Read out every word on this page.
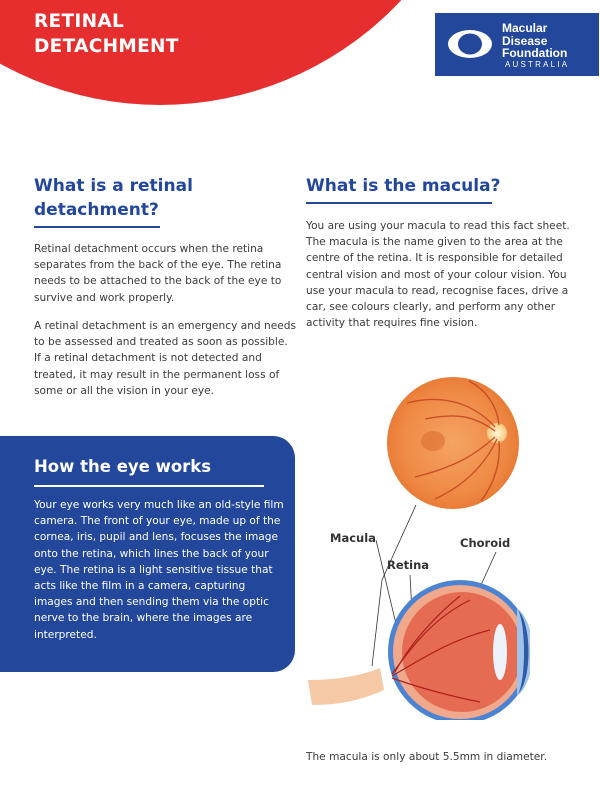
RETINAL
DETACHMENT
Macular
Disease
Foundation
AUSTRALIA
What is a retinal
detachment?

Retinal detachment occurs when the retina separates from the back of the eye. The retina needs to be attached to the back of the eye to survive and work properly.

A retinal detachment is an emergency and needs to be assessed and treated as soon as possible. If a retinal detachment is not detected and treated, it may result in the permanent loss of some or all the vision in your eye.

What is the macula?

You are using your macula to read this fact sheet. The macula is the name given to the area at the centre of the retina. It is responsible for detailed central vision and most of your colour vision. You use your macula to read, recognise faces, drive a car, see colours clearly, and perform any other activity that requires fine vision.

How the eye works

Your eye works very much like an old-style film camera. The front of your eye, made up of the cornea, iris, pupil and lens, focuses the image onto the retina, which lines the back of your eye. The retina is a light sensitive tissue that acts like the film in a camera, capturing images and then sending them via the optic nerve to the brain, where the images are interpreted.

Macula	Choroid

Retina

The macula is only about 5.5mm in diameter.
